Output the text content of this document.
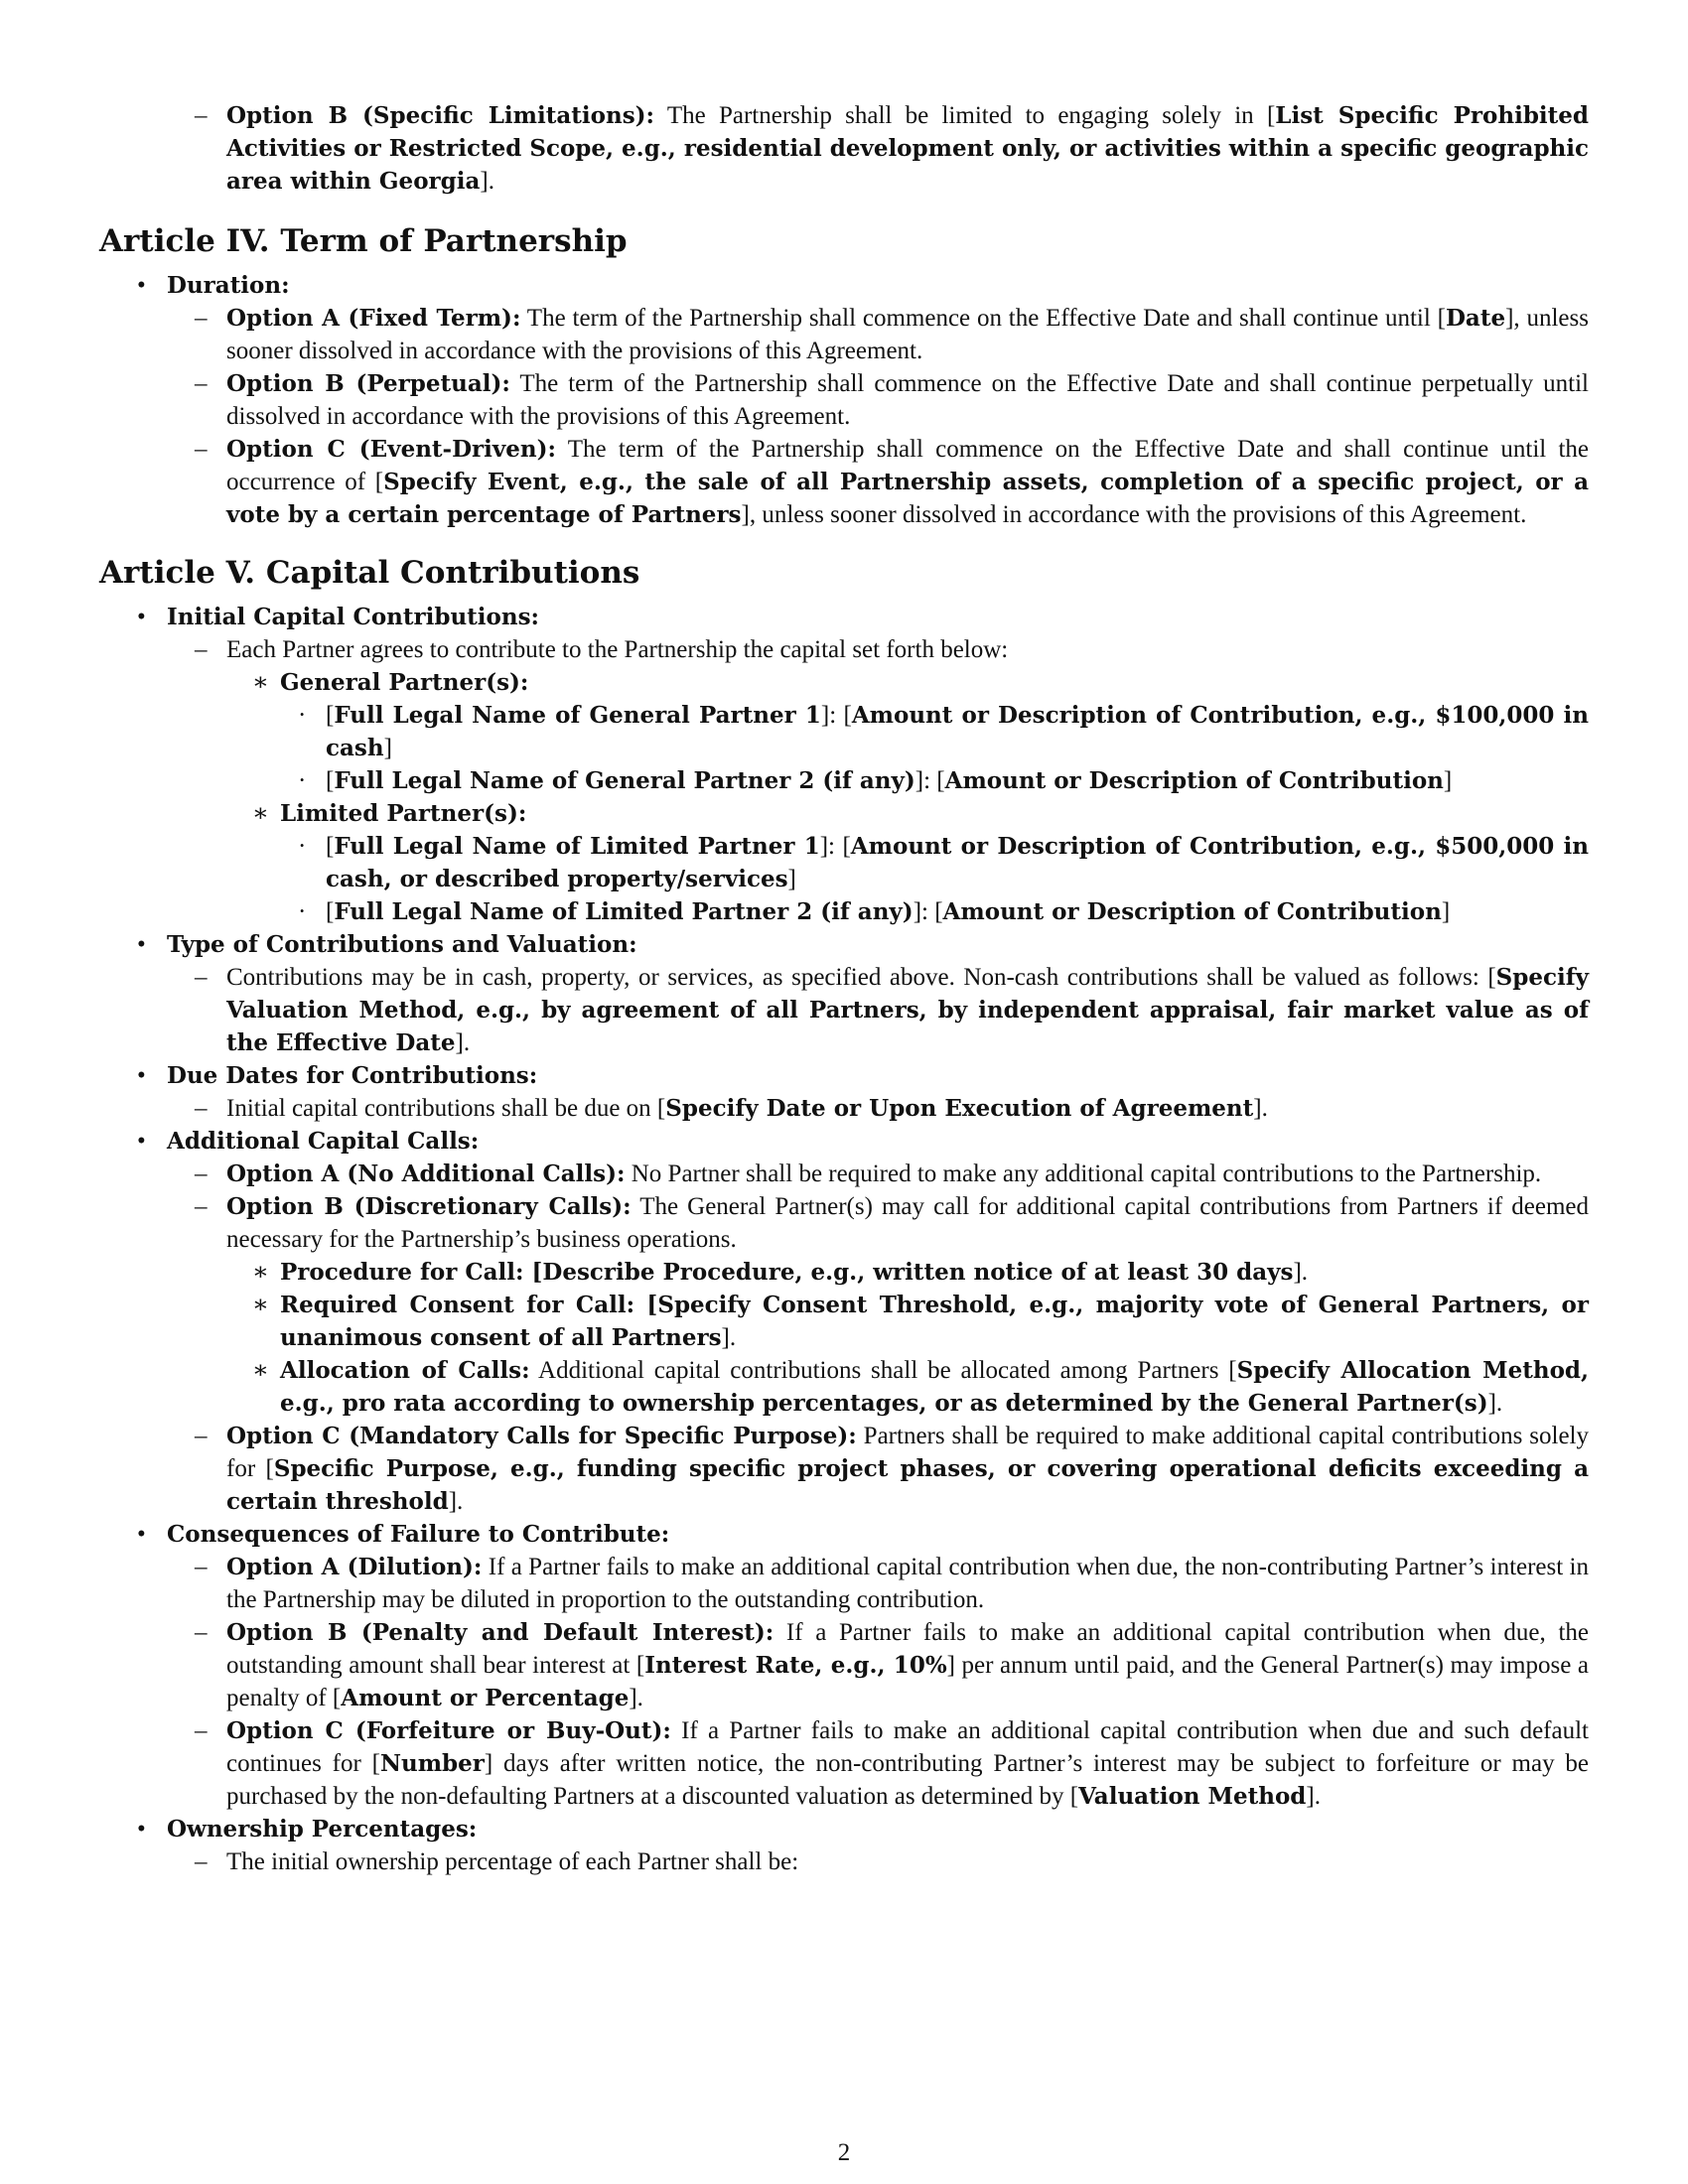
– Option B (Specific Limitations): The Partnership shall be limited to engaging solely in [List Specific Prohibited Activities or Restricted Scope, e.g., residential development only, or activities within a specific geographic area within Georgia].
Article IV. Term of Partnership
• Duration:
– Option A (Fixed Term): The term of the Partnership shall commence on the Effective Date and shall continue until [Date], unless sooner dissolved in accordance with the provisions of this Agreement.
– Option B (Perpetual): The term of the Partnership shall commence on the Effective Date and shall continue perpetually until dissolved in accordance with the provisions of this Agreement.
– Option C (Event-Driven): The term of the Partnership shall commence on the Effective Date and shall continue until the occurrence of [Specify Event, e.g., the sale of all Partnership assets, completion of a specific project, or a vote by a certain percentage of Partners], unless sooner dissolved in accordance with the provisions of this Agreement.
Article V. Capital Contributions
• Initial Capital Contributions:
– Each Partner agrees to contribute to the Partnership the capital set forth below:
∗ General Partner(s):
· [Full Legal Name of General Partner 1]: [Amount or Description of Contribution, e.g., $100,000 in cash]
· [Full Legal Name of General Partner 2 (if any)]: [Amount or Description of Contribution]
∗ Limited Partner(s):
· [Full Legal Name of Limited Partner 1]: [Amount or Description of Contribution, e.g., $500,000 in cash, or described property/services]
· [Full Legal Name of Limited Partner 2 (if any)]: [Amount or Description of Contribution]
• Type of Contributions and Valuation:
– Contributions may be in cash, property, or services, as specified above. Non-cash contributions shall be valued as follows: [Specify Valuation Method, e.g., by agreement of all Partners, by independent appraisal, fair market value as of the Effective Date].
• Due Dates for Contributions:
– Initial capital contributions shall be due on [Specify Date or Upon Execution of Agreement].
• Additional Capital Calls:
– Option A (No Additional Calls): No Partner shall be required to make any additional capital contributions to the Partnership.
– Option B (Discretionary Calls): The General Partner(s) may call for additional capital contributions from Partners if deemed necessary for the Partnership’s business operations.
∗ Procedure for Call: [Describe Procedure, e.g., written notice of at least 30 days].
∗ Required Consent for Call: [Specify Consent Threshold, e.g., majority vote of General Partners, or unanimous consent of all Partners].
∗ Allocation of Calls: Additional capital contributions shall be allocated among Partners [Specify Allocation Method, e.g., pro rata according to ownership percentages, or as determined by the General Partner(s)].
– Option C (Mandatory Calls for Specific Purpose): Partners shall be required to make additional capital contributions solely for [Specific Purpose, e.g., funding specific project phases, or covering operational deficits exceeding a certain threshold].
• Consequences of Failure to Contribute:
– Option A (Dilution): If a Partner fails to make an additional capital contribution when due, the non-contributing Partner’s interest in the Partnership may be diluted in proportion to the outstanding contribution.
– Option B (Penalty and Default Interest): If a Partner fails to make an additional capital contribution when due, the outstanding amount shall bear interest at [Interest Rate, e.g., 10%] per annum until paid, and the General Partner(s) may impose a penalty of [Amount or Percentage].
– Option C (Forfeiture or Buy-Out): If a Partner fails to make an additional capital contribution when due and such default continues for [Number] days after written notice, the non-contributing Partner’s interest may be subject to forfeiture or may be purchased by the non-defaulting Partners at a discounted valuation as determined by [Valuation Method].
• Ownership Percentages:
– The initial ownership percentage of each Partner shall be:
2
